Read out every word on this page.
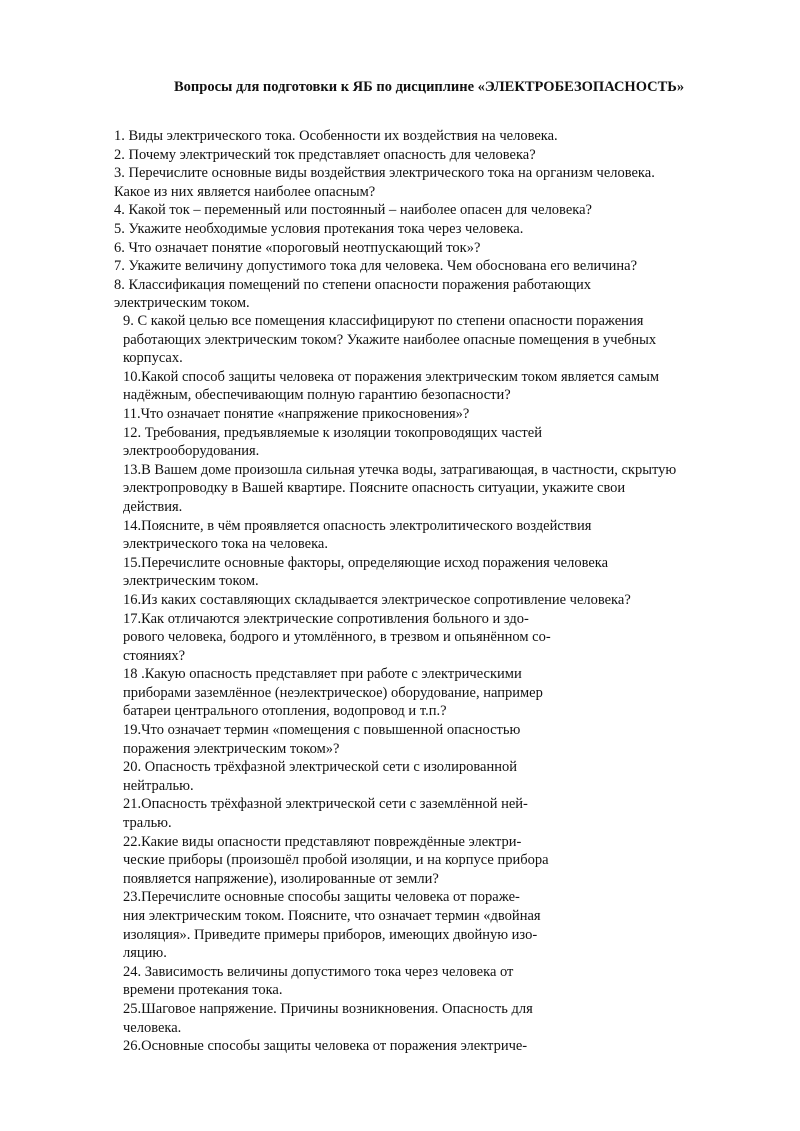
Вопросы для подготовки к ЯБ по дисциплине «ЭЛЕКТРОБЕЗОПАСНОСТЬ»
1. Виды электрического тока. Особенности их воздействия на человека.
2. Почему электрический ток представляет опасность для человека?
3. Перечислите основные виды воздействия электрического тока на организм человека.
Какое из них является наиболее опасным?
4. Какой ток – переменный или постоянный – наиболее опасен для человека?
5. Укажите необходимые условия протекания тока через человека.
6. Что означает понятие «пороговый неотпускающий ток»?
7. Укажите величину допустимого тока для человека. Чем обоснована его величина?
8. Классификация помещений по степени опасности поражения работающих
электрическим током.
9. С какой целью все помещения классифицируют по степени опасности поражения
работающих электрическим током? Укажите наиболее опасные помещения в учебных
корпусах.
10.Какой способ защиты человека от поражения электрическим током является самым
надёжным, обеспечивающим полную гарантию безопасности?
11.Что означает понятие «напряжение прикосновения»?
12. Требования, предъявляемые к изоляции токопроводящих частей
электрооборудования.
13.В Вашем доме произошла сильная утечка воды, затрагивающая, в частности, скрытую
электропроводку в Вашей квартире. Поясните опасность ситуации, укажите свои
действия.
14.Поясните, в чём проявляется опасность электролитического воздействия
электрического тока на человека.
15.Перечислите основные факторы, определяющие исход поражения человека
электрическим током.
16.Из каких составляющих складывается электрическое сопротивление человека?
17.Как отличаются электрические сопротивления больного и здо-
рового человека, бодрого и утомлённого, в трезвом и опьянённом со-
стояниях?
18 .Какую опасность представляет при работе с электрическими
приборами заземлённое (неэлектрическое) оборудование, например
батареи центрального отопления, водопровод и т.п.?
19.Что означает термин «помещения с повышенной опасностью
поражения электрическим током»?
20. Опасность трёхфазной электрической сети с изолированной
нейтралью.
21.Опасность трёхфазной электрической сети с заземлённой ней-
тралью.
22.Какие виды опасности представляют повреждённые электри-
ческие приборы (произошёл пробой изоляции, и на корпусе прибора
появляется напряжение), изолированные от земли?
23.Перечислите основные способы защиты человека от пораже-
ния электрическим током. Поясните, что означает термин «двойная
изоляция». Приведите примеры приборов, имеющих двойную изо-
ляцию.
24. Зависимость величины допустимого тока через человека от
времени протекания тока.
25.Шаговое напряжение. Причины возникновения. Опасность для
человека.
26.Основные способы защиты человека от поражения электриче-
